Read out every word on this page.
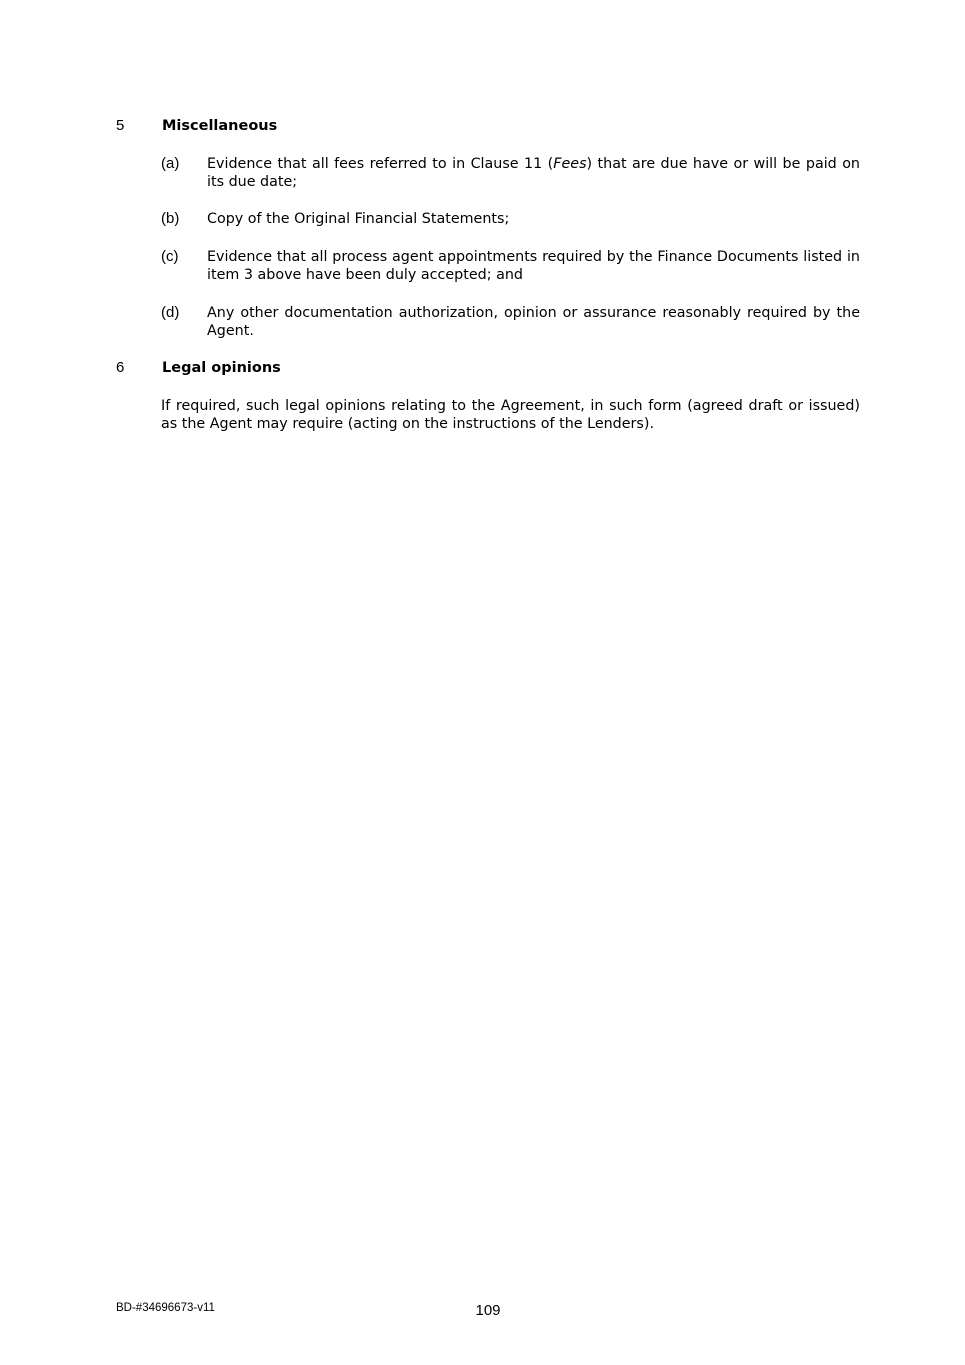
5	Miscellaneous
(a) Evidence that all fees referred to in Clause 11 (Fees) that are due have or will be paid on its due date;
(b) Copy of the Original Financial Statements;
(c) Evidence that all process agent appointments required by the Finance Documents listed in item 3 above have been duly accepted; and
(d) Any other documentation authorization, opinion or assurance reasonably required by the Agent.
6	Legal opinions
If required, such legal opinions relating to the Agreement, in such form (agreed draft or issued) as the Agent may require (acting on the instructions of the Lenders).
BD-#34696673-v11	109
